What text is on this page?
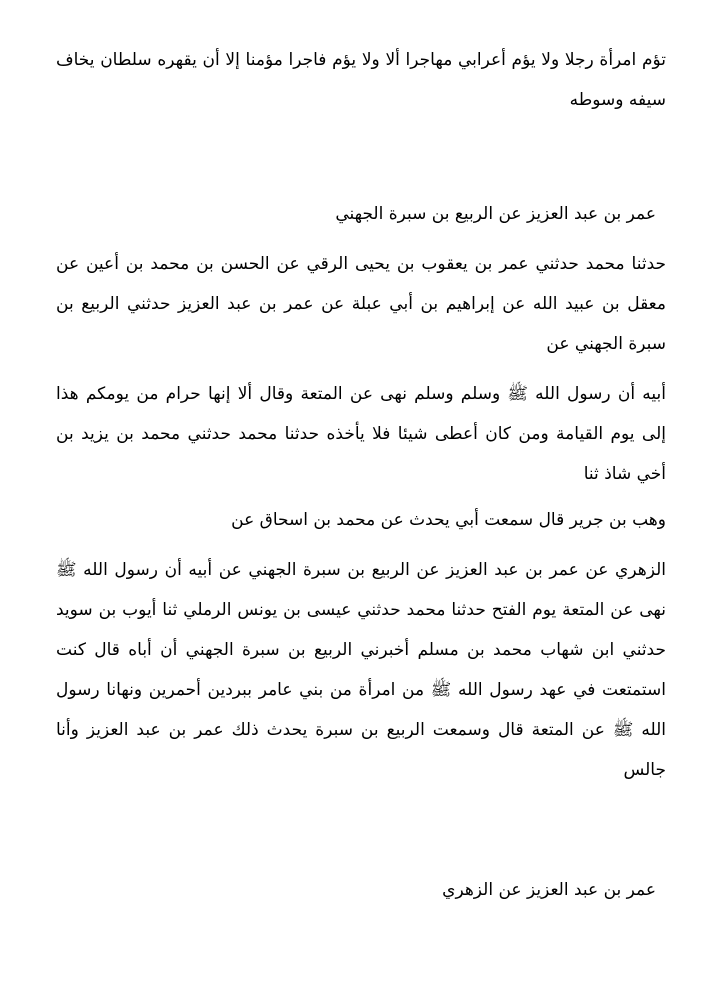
تؤم امرأة رجلا ولا يؤم أعرابي مهاجرا ألا ولا يؤم فاجرا مؤمنا إلا أن يقهره سلطان يخاف سيفه وسوطه

عمر بن عبد العزيز عن الربيع بن سبرة الجهني

حدثنا محمد حدثني عمر بن يعقوب بن يحيى الرقي عن الحسن بن محمد بن أعين عن معقل بن عبيد الله عن إبراهيم بن أبي عبلة عن عمر بن عبد العزيز حدثني الربيع بن سبرة الجهني عن

أبيه أن رسول الله ﷺ وسلم وسلم نهى عن المتعة وقال ألا إنها حرام من يومكم هذا إلى يوم القيامة ومن كان أعطى شيئا فلا يأخذه حدثنا محمد حدثني محمد بن يزيد بن أخي شاذ ثنا

وهب بن جرير قال سمعت أبي يحدث عن محمد بن اسحاق عن

الزهري عن عمر بن عبد العزيز عن الربيع بن سبرة الجهني عن أبيه أن رسول الله ﷺ نهى عن المتعة يوم الفتح حدثنا محمد حدثني عيسى بن يونس الرملي ثنا أيوب بن سويد حدثني ابن شهاب محمد بن مسلم أخبرني الربيع بن سبرة الجهني أن أباه قال كنت استمتعت في عهد رسول الله ﷺ من امرأة من بني عامر ببردين أحمرين ونهانا رسول الله ﷺ عن المتعة قال وسمعت الربيع بن سبرة يحدث ذلك عمر بن عبد العزيز وأنا جالس

عمر بن عبد العزيز عن الزهري
